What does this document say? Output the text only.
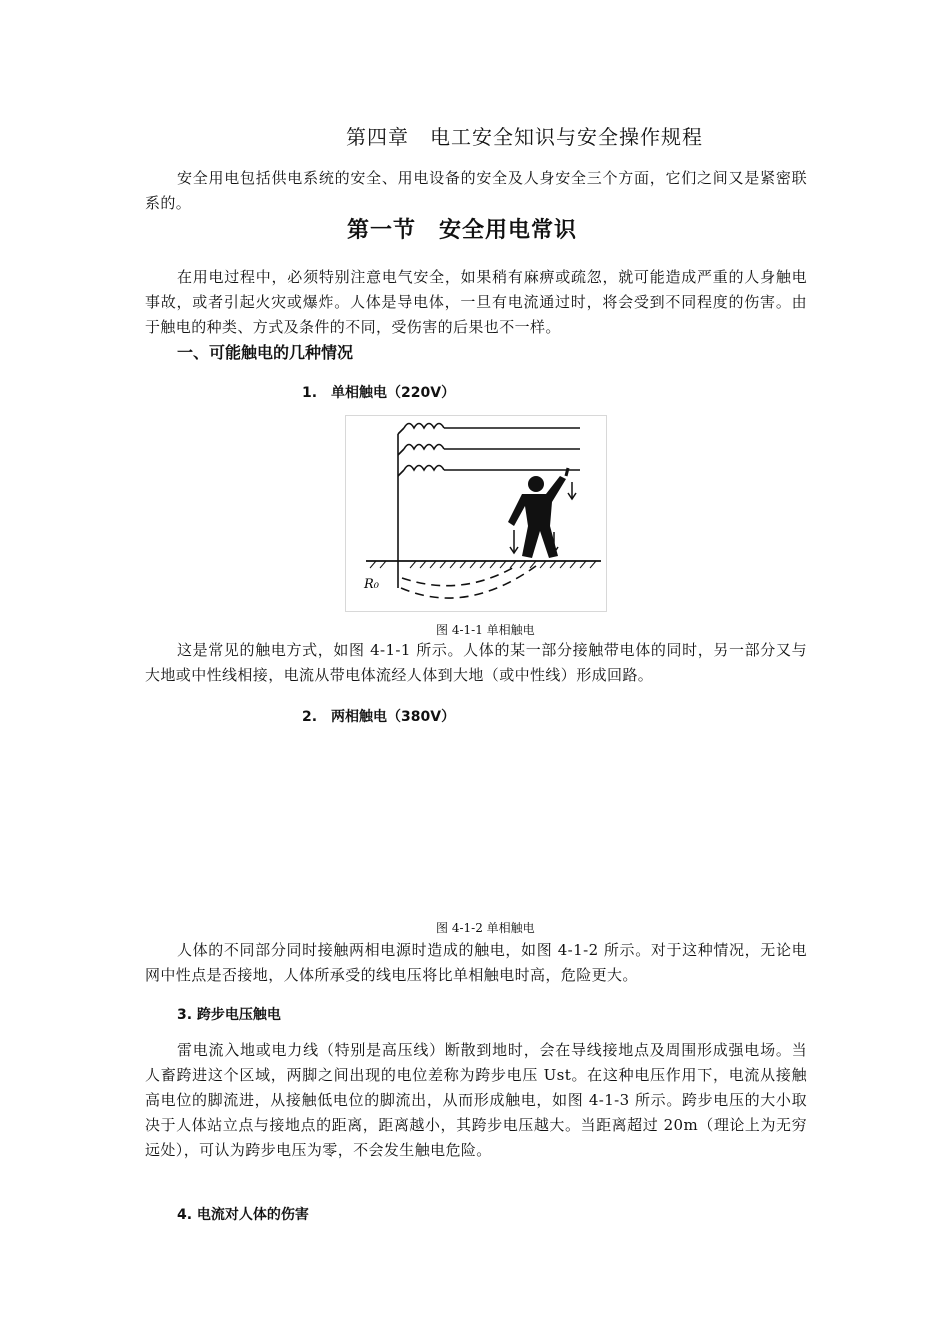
第四章　电工安全知识与安全操作规程
安全用电包括供电系统的安全、用电设备的安全及人身安全三个方面，它们之间又是紧密联系的。
第一节　安全用电常识
在用电过程中，必须特别注意电气安全，如果稍有麻痹或疏忽，就可能造成严重的人身触电事故，或者引起火灾或爆炸。人体是导电体，一旦有电流通过时，将会受到不同程度的伤害。由于触电的种类、方式及条件的不同，受伤害的后果也不一样。
一、可能触电的几种情况
1.　单相触电（220V）
R₀
图 4-1-1 单相触电
这是常见的触电方式，如图 4-1-1 所示。人体的某一部分接触带电体的同时，另一部分又与大地或中性线相接，电流从带电体流经人体到大地（或中性线）形成回路。
2.　两相触电（380V）
图 4-1-2 单相触电
人体的不同部分同时接触两相电源时造成的触电，如图 4-1-2 所示。对于这种情况，无论电网中性点是否接地，人体所承受的线电压将比单相触电时高，危险更大。
3. 跨步电压触电
雷电流入地或电力线（特别是高压线）断散到地时，会在导线接地点及周围形成强电场。当人畜跨进这个区域，两脚之间出现的电位差称为跨步电压 Ust。在这种电压作用下，电流从接触高电位的脚流进，从接触低电位的脚流出，从而形成触电，如图 4-1-3 所示。跨步电压的大小取决于人体站立点与接地点的距离，距离越小，其跨步电压越大。当距离超过 20m（理论上为无穷远处），可认为跨步电压为零，不会发生触电危险。
4. 电流对人体的伤害
